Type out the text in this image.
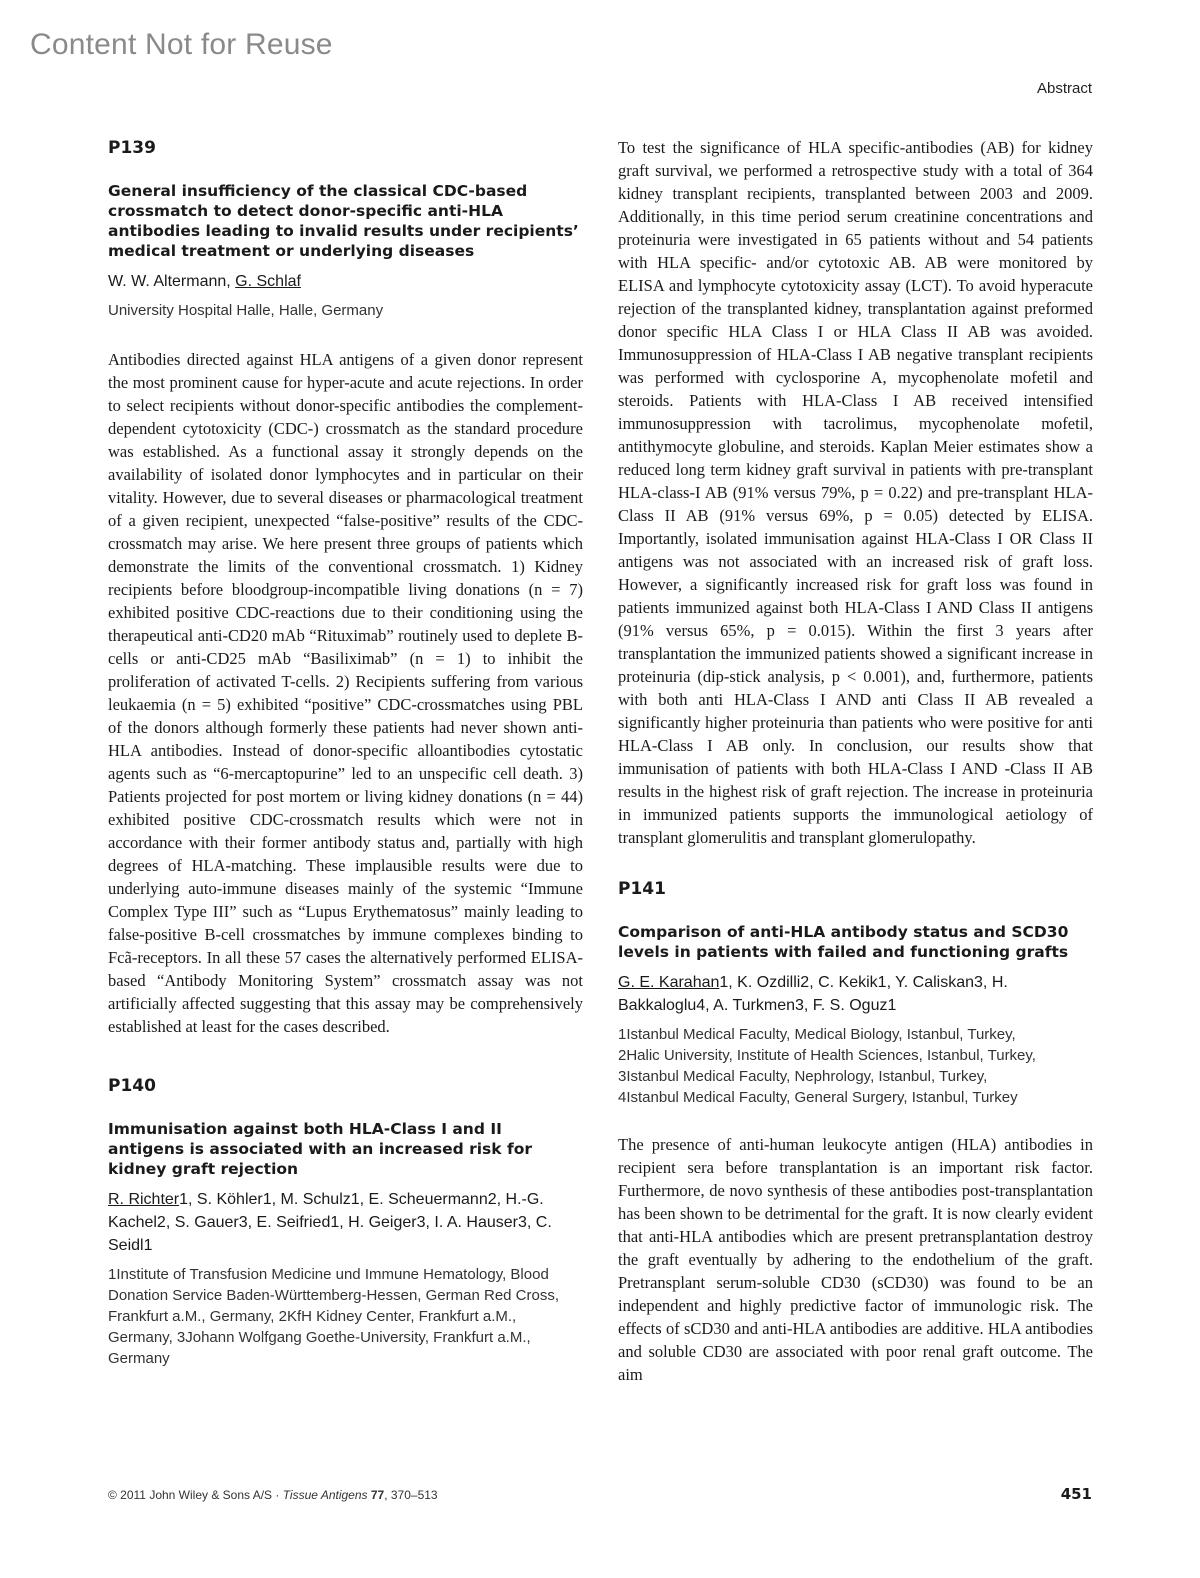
Content Not for Reuse
Abstract

P139

General insufficiency of the classical CDC-based crossmatch to detect donor-specific anti-HLA antibodies leading to invalid results under recipients’ medical treatment or underlying diseases

W. W. Altermann, G. Schlaf

University Hospital Halle, Halle, Germany

Antibodies directed against HLA antigens of a given donor represent the most prominent cause for hyper-acute and acute rejections. In order to select recipients without donor-specific antibodies the complement-dependent cytotoxicity (CDC-) crossmatch as the standard procedure was established. As a functional assay it strongly depends on the availability of isolated donor lymphocytes and in particular on their vitality. However, due to several diseases or pharmacological treatment of a given recipient, unexpected “false-positive” results of the CDC-crossmatch may arise. We here present three groups of patients which demonstrate the limits of the conventional crossmatch. 1) Kidney recipients before bloodgroup-incompatible living donations (n = 7) exhibited positive CDC-reactions due to their conditioning using the therapeutical anti-CD20 mAb “Rituximab” routinely used to deplete B-cells or anti-CD25 mAb “Basiliximab” (n = 1) to inhibit the proliferation of activated T-cells. 2) Recipients suffering from various leukaemia (n = 5) exhibited “positive” CDC-crossmatches using PBL of the donors although formerly these patients had never shown anti-HLA antibodies. Instead of donor-specific alloantibodies cytostatic agents such as “6-mercaptopurine” led to an unspecific cell death. 3) Patients projected for post mortem or living kidney donations (n = 44) exhibited positive CDC-crossmatch results which were not in accordance with their former antibody status and, partially with high degrees of HLA-matching. These implausible results were due to underlying auto-immune diseases mainly of the systemic “Immune Complex Type III” such as “Lupus Erythematosus” mainly leading to false-positive B-cell crossmatches by immune complexes binding to Fcã-receptors. In all these 57 cases the alternatively performed ELISA-based “Antibody Monitoring System” crossmatch assay was not artificially affected suggesting that this assay may be comprehensively established at least for the cases described.

P140

Immunisation against both HLA-Class I and II antigens is associated with an increased risk for kidney graft rejection

R. Richter1, S. Köhler1, M. Schulz1, E. Scheuermann2, H.-G. Kachel2, S. Gauer3, E. Seifried1, H. Geiger3, I. A. Hauser3, C. Seidl1

1Institute of Transfusion Medicine und Immune Hematology, Blood Donation Service Baden-Württemberg-Hessen, German Red Cross, Frankfurt a.M., Germany, 2KfH Kidney Center, Frankfurt a.M., Germany, 3Johann Wolfgang Goethe-University, Frankfurt a.M., Germany

To test the significance of HLA specific-antibodies (AB) for kidney graft survival, we performed a retrospective study with a total of 364 kidney transplant recipients, transplanted between 2003 and 2009. Additionally, in this time period serum creatinine concentrations and proteinuria were investigated in 65 patients without and 54 patients with HLA specific- and/or cytotoxic AB. AB were monitored by ELISA and lymphocyte cytotoxicity assay (LCT). To avoid hyperacute rejection of the transplanted kidney, transplantation against preformed donor specific HLA Class I or HLA Class II AB was avoided. Immunosuppression of HLA-Class I AB negative transplant recipients was performed with cyclosporine A, mycophenolate mofetil and steroids. Patients with HLA-Class I AB received intensified immunosuppression with tacrolimus, mycophenolate mofetil, antithymocyte globuline, and steroids. Kaplan Meier estimates show a reduced long term kidney graft survival in patients with pre-transplant HLA-class-I AB (91% versus 79%, p = 0.22) and pre-transplant HLA-Class II AB (91% versus 69%, p = 0.05) detected by ELISA. Importantly, isolated immunisation against HLA-Class I OR Class II antigens was not associated with an increased risk of graft loss. However, a significantly increased risk for graft loss was found in patients immunized against both HLA-Class I AND Class II antigens (91% versus 65%, p = 0.015). Within the first 3 years after transplantation the immunized patients showed a significant increase in proteinuria (dip-stick analysis, p < 0.001), and, furthermore, patients with both anti HLA-Class I AND anti Class II AB revealed a significantly higher proteinuria than patients who were positive for anti HLA-Class I AB only. In conclusion, our results show that immunisation of patients with both HLA-Class I AND -Class II AB results in the highest risk of graft rejection. The increase in proteinuria in immunized patients supports the immunological aetiology of transplant glomerulitis and transplant glomerulopathy.

P141

Comparison of anti-HLA antibody status and SCD30 levels in patients with failed and functioning grafts

G. E. Karahan1, K. Ozdilli2, C. Kekik1, Y. Caliskan3, H. Bakkaloglu4, A. Turkmen3, F. S. Oguz1

1Istanbul Medical Faculty, Medical Biology, Istanbul, Turkey,

2Halic University, Institute of Health Sciences, Istanbul, Turkey,

3Istanbul Medical Faculty, Nephrology, Istanbul, Turkey,

4Istanbul Medical Faculty, General Surgery, Istanbul, Turkey

The presence of anti-human leukocyte antigen (HLA) antibodies in recipient sera before transplantation is an important risk factor. Furthermore, de novo synthesis of these antibodies post-transplantation has been shown to be detrimental for the graft. It is now clearly evident that anti-HLA antibodies which are present pretransplantation destroy the graft eventually by adhering to the endothelium of the graft. Pretransplant serum-soluble CD30 (sCD30) was found to be an independent and highly predictive factor of immunologic risk. The effects of sCD30 and anti-HLA antibodies are additive. HLA antibodies and soluble CD30 are associated with poor renal graft outcome. The aim

© 2011 John Wiley & Sons A/S · Tissue Antigens 77, 370–513	451
